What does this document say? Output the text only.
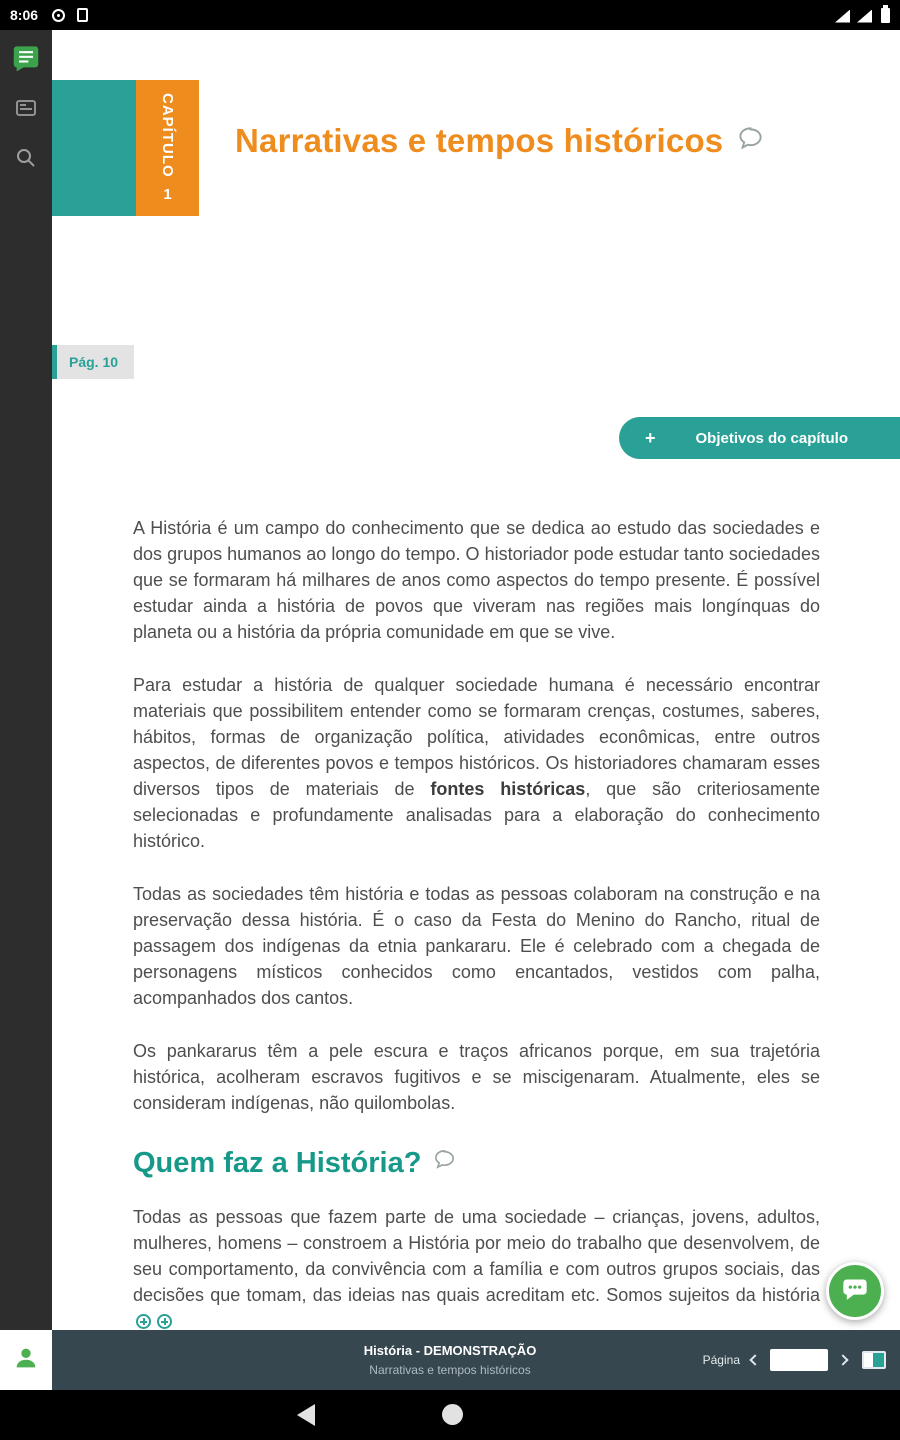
8:06
CAPÍTULO
1
Narrativas e tempos históricos
Pág. 10
+	Objetivos do capítulo

A História é um campo do conhecimento que se dedica ao estudo das sociedades e dos grupos humanos ao longo do tempo. O historiador pode estudar tanto sociedades que se formaram há milhares de anos como aspectos do tempo presente. É possível estudar ainda a história de povos que viveram nas regiões mais longínquas do planeta ou a história da própria comunidade em que se vive.

Para estudar a história de qualquer sociedade humana é necessário encontrar materiais que possibilitem entender como se formaram crenças, costumes, saberes, hábitos, formas de organização política, atividades econômicas, entre outros aspectos, de diferentes povos e tempos históricos. Os historiadores chamaram esses diversos tipos de materiais de fontes históricas, que são criteriosamente selecionadas e profundamente analisadas para a elaboração do conhecimento histórico.

Todas as sociedades têm história e todas as pessoas colaboram na construção e na preservação dessa história. É o caso da Festa do Menino do Rancho, ritual de passagem dos indígenas da etnia pankararu. Ele é celebrado com a chegada de personagens místicos conhecidos como encantados, vestidos com palha, acompanhados dos cantos.

Os pankararus têm a pele escura e traços africanos porque, em sua trajetória histórica, acolheram escravos fugitivos e se miscigenaram. Atualmente, eles se consideram indígenas, não quilombolas.

Quem faz a História?

Todas as pessoas que fazem parte de uma sociedade – crianças, jovens, adultos, mulheres, homens – constroem a História por meio do trabalho que desenvolvem, de seu comportamento, da convivência com a família e com outros grupos sociais, das decisões que tomam, das ideias nas quais acreditam etc. Somos sujeitos da história

História - DEMONSTRAÇÃO
Narrativas e tempos históricos
Página
